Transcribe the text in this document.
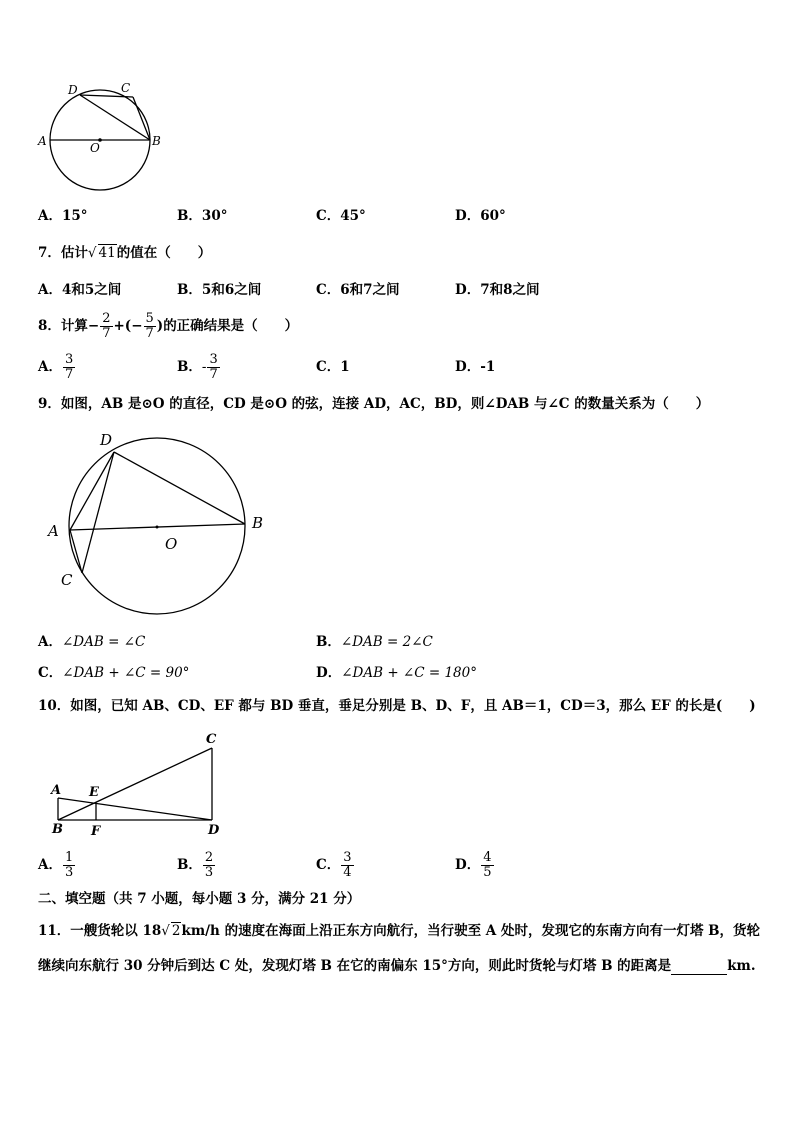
A	B
C
D
O
A．15°	B．30°	C．45°	D．60°
7．估计√ 41的值在（　　）
A．4和5之间	B．5和6之间	C．6和7之间	D．7和8之间
8．计算− $\frac{2}{7}$ +(− $\frac{5}{7}$ )的正确结果是（　　）
A． $\frac{3}{7}$	B．- $\frac{3}{7}$	C．1	D．-1
9．如图，AB 是⊙O 的直径，CD 是⊙O 的弦，连接 AD，AC，BD，则∠DAB 与∠C 的数量关系为（　　）
A	B
C
D
O
A．∠DAB = ∠C	B．∠DAB = 2∠C
C．∠DAB + ∠C = 90°	D．∠DAB + ∠C = 180°
10．如图，已知 AB、CD、EF 都与 BD 垂直，垂足分别是 B、D、F，且 AB＝1，CD＝3，那么 EF 的长是(　　)
A
B
C
D
E
F
A． $\frac{1}{3}$	B． $\frac{2}{3}$	C． $\frac{3}{4}$	D． $\frac{4}{5}$
二、填空题（共 7 小题，每小题 3 分，满分 21 分）
11．一艘货轮以 18√ 2km/h 的速度在海面上沿正东方向航行，当行驶至 A 处时，发现它的东南方向有一灯塔 B，货轮
继续向东航行 30 分钟后到达 C 处，发现灯塔 B 在它的南偏东 15°方向，则此时货轮与灯塔 B 的距离是	km.
